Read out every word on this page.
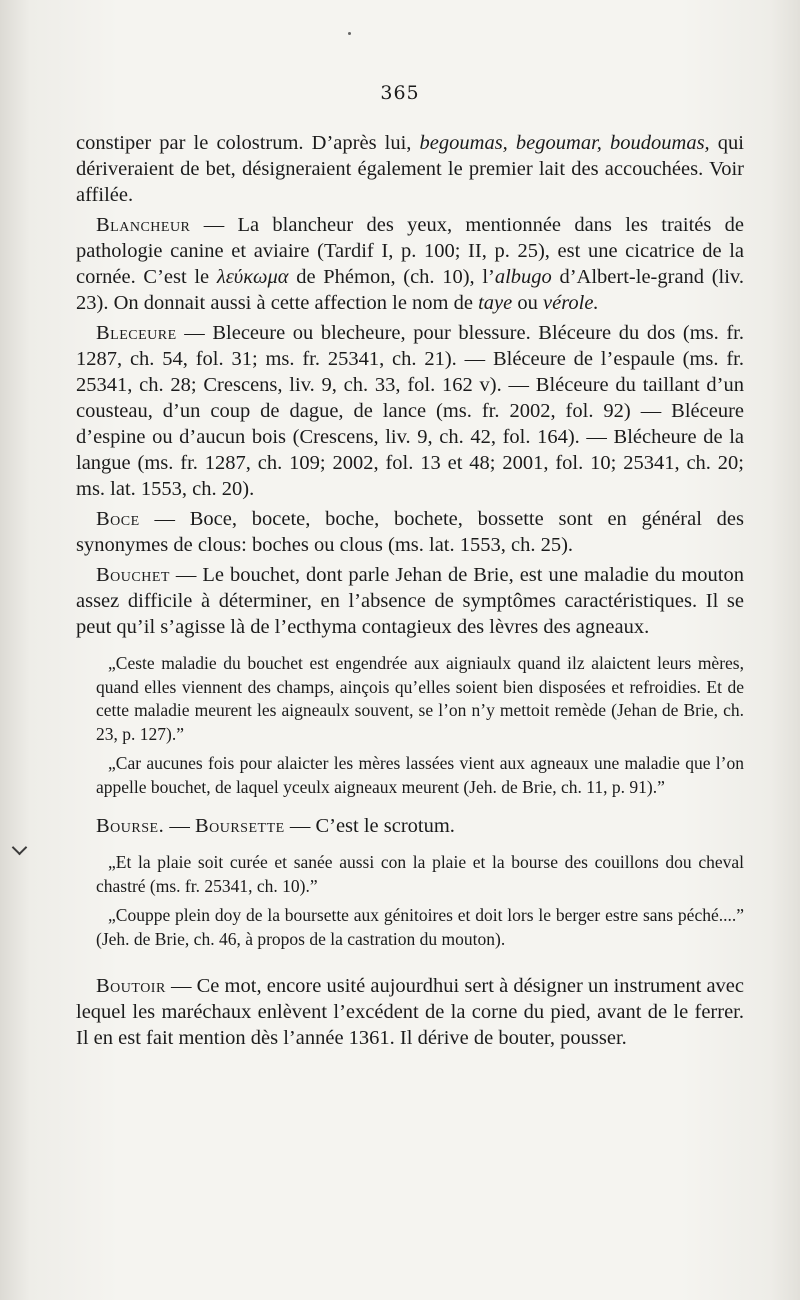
365

constiper par le colostrum. D’après lui, begoumas, begoumar, boudoumas, qui dériveraient de bet, désigneraient également le premier lait des accouchées. Voir affilée.

Blancheur — La blancheur des yeux, mentionnée dans les traités de pathologie canine et aviaire (Tardif I, p. 100; II, p. 25), est une cicatrice de la cornée. C’est le λεύκωμα de Phémon, (ch. 10), l’albugo d’Albert-le-grand (liv. 23). On donnait aussi à cette affection le nom de taye ou vérole.

Bleceure — Bleceure ou blecheure, pour blessure. Bléceure du dos (ms. fr. 1287, ch. 54, fol. 31; ms. fr. 25341, ch. 21). — Bléceure de l’espaule (ms. fr. 25341, ch. 28; Crescens, liv. 9, ch. 33, fol. 162 v). — Bléceure du taillant d’un cousteau, d’un coup de dague, de lance (ms. fr. 2002, fol. 92) — Bléceure d’espine ou d’aucun bois (Crescens, liv. 9, ch. 42, fol. 164). — Blécheure de la langue (ms. fr. 1287, ch. 109; 2002, fol. 13 et 48; 2001, fol. 10; 25341, ch. 20; ms. lat. 1553, ch. 20).

Boce — Boce, bocete, boche, bochete, bossette sont en général des synonymes de clous: boches ou clous (ms. lat. 1553, ch. 25).

Bouchet — Le bouchet, dont parle Jehan de Brie, est une maladie du mouton assez difficile à déterminer, en l’absence de symptômes caractéristiques. Il se peut qu’il s’agisse là de l’ecthyma contagieux des lèvres des agneaux.

„Ceste maladie du bouchet est engendrée aux aigniaulx quand ilz alaictent leurs mères, quand elles viennent des champs, ainçois qu’elles soient bien disposées et refroidies. Et de cette maladie meurent les aigneaulx souvent, se l’on n’y mettoit remède (Jehan de Brie, ch. 23, p. 127).”

„Car aucunes fois pour alaicter les mères lassées vient aux agneaux une maladie que l’on appelle bouchet, de laquel yceulx aigneaux meurent (Jeh. de Brie, ch. 11, p. 91).”

Bourse. — Boursette — C’est le scrotum.

„Et la plaie soit curée et sanée aussi con la plaie et la bourse des couillons dou cheval chastré (ms. fr. 25341, ch. 10).”

„Couppe plein doy de la boursette aux génitoires et doit lors le berger estre sans péché....” (Jeh. de Brie, ch. 46, à propos de la castration du mouton).

Boutoir — Ce mot, encore usité aujourdhui sert à désigner un instrument avec lequel les maréchaux enlèvent l’excédent de la corne du pied, avant de le ferrer. Il en est fait mention dès l’année 1361. Il dérive de bouter, pousser.
